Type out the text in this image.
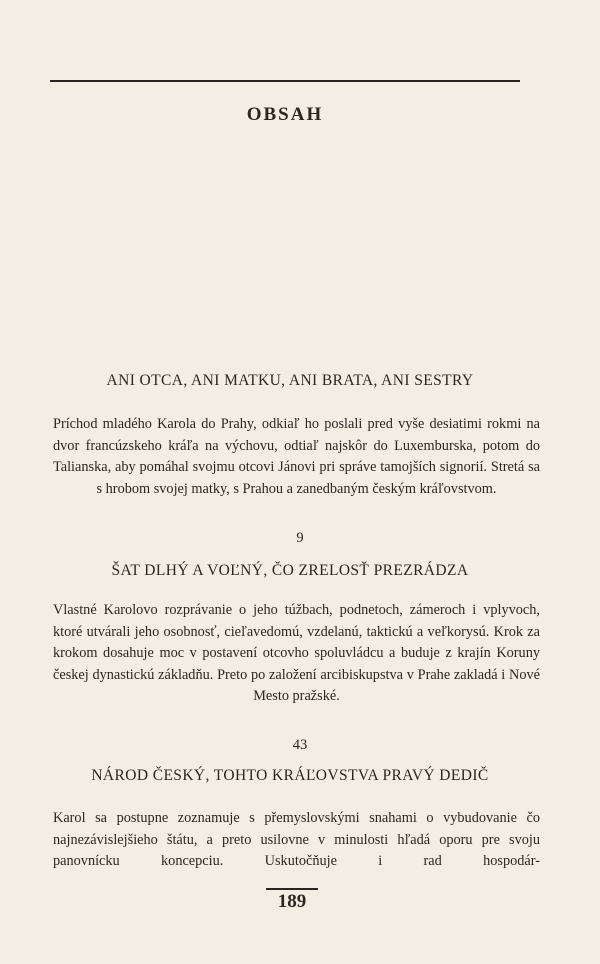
OBSAH
ANI OTCA, ANI MATKU, ANI BRATA, ANI SESTRY
Príchod mladého Karola do Prahy, odkiaľ ho poslali pred vyše desiatimi rokmi na dvor francúzskeho kráľa na výchovu, odtiaľ najskôr do Luxemburska, potom do Talianska, aby pomáhal svojmu otcovi Jánovi pri správe tamojších signorií. Stretá sa s hrobom svojej matky, s Prahou a zanedbaným českým kráľovstvom.
9
ŠAT DLHÝ A VOĽNÝ, ČO ZRELOSŤ PREZRÁDZA
Vlastné Karolovo rozprávanie o jeho túžbach, podnetoch, zámeroch i vplyvoch, ktoré utvárali jeho osobnosť, cieľavedomú, vzdelanú, taktickú a veľkorysú. Krok za krokom dosahuje moc v postavení otcovho spoluvládcu a buduje z krajín Koruny českej dynastickú základňu. Preto po založení arcibiskupstva v Prahe zakladá i Nové Mesto pražské.
43
NÁROD ČESKÝ, TOHTO KRÁĽOVSTVA PRAVÝ DEDIČ
Karol sa postupne zoznamuje s přemyslovskými snahami o vybudovanie čo najnezávislejšieho štátu, a preto usilovne v minulosti hľadá oporu pre svoju panovnícku koncepciu. Uskutočňuje i rad hospodár-
189
